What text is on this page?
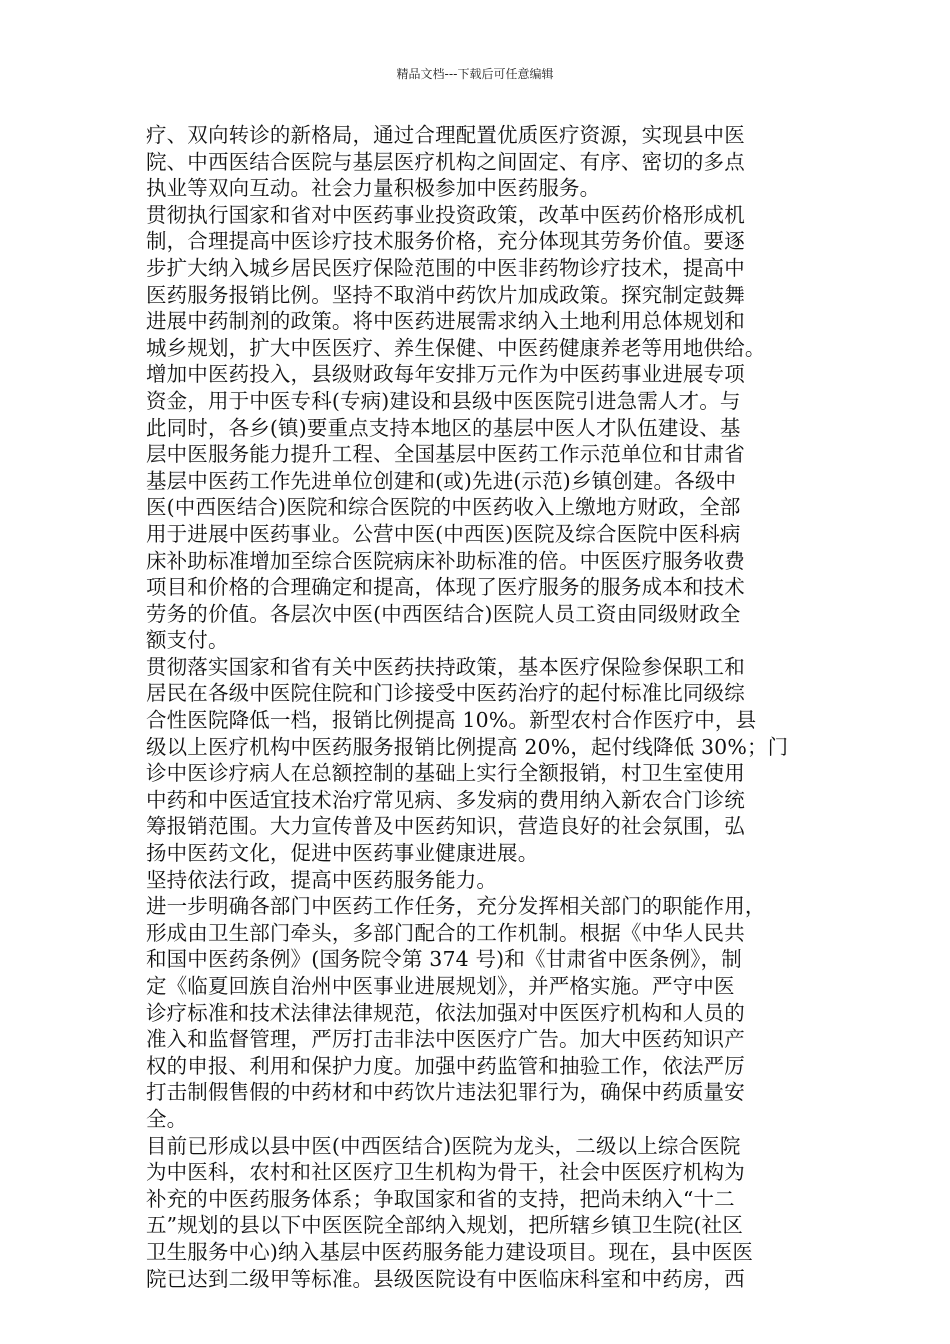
精品文档---下载后可任意编辑
疗、双向转诊的新格局，通过合理配置优质医疗资源，实现县中医
院、中西医结合医院与基层医疗机构之间固定、有序、密切的多点
执业等双向互动。社会力量积极参加中医药服务。
贯彻执行国家和省对中医药事业投资政策，改革中医药价格形成机
制，合理提高中医诊疗技术服务价格，充分体现其劳务价值。要逐
步扩大纳入城乡居民医疗保险范围的中医非药物诊疗技术，提高中
医药服务报销比例。坚持不取消中药饮片加成政策。探究制定鼓舞
进展中药制剂的政策。将中医药进展需求纳入土地利用总体规划和
城乡规划，扩大中医医疗、养生保健、中医药健康养老等用地供给。
增加中医药投入，县级财政每年安排万元作为中医药事业进展专项
资金，用于中医专科(专病)建设和县级中医医院引进急需人才。与
此同时，各乡(镇)要重点支持本地区的基层中医人才队伍建设、基
层中医服务能力提升工程、全国基层中医药工作示范单位和甘肃省
基层中医药工作先进单位创建和(或)先进(示范)乡镇创建。各级中
医(中西医结合)医院和综合医院的中医药收入上缴地方财政，全部
用于进展中医药事业。公营中医(中西医)医院及综合医院中医科病
床补助标准增加至综合医院病床补助标准的倍。中医医疗服务收费
项目和价格的合理确定和提高，体现了医疗服务的服务成本和技术
劳务的价值。各层次中医(中西医结合)医院人员工资由同级财政全
额支付。
贯彻落实国家和省有关中医药扶持政策，基本医疗保险参保职工和
居民在各级中医院住院和门诊接受中医药治疗的起付标准比同级综
合性医院降低一档，报销比例提高 10%。新型农村合作医疗中，县
级以上医疗机构中医药服务报销比例提高 20%，起付线降低 30%；门
诊中医诊疗病人在总额控制的基础上实行全额报销，村卫生室使用
中药和中医适宜技术治疗常见病、多发病的费用纳入新农合门诊统
筹报销范围。大力宣传普及中医药知识，营造良好的社会氛围，弘
扬中医药文化，促进中医药事业健康进展。
坚持依法行政，提高中医药服务能力。
进一步明确各部门中医药工作任务，充分发挥相关部门的职能作用，
形成由卫生部门牵头，多部门配合的工作机制。根据《中华人民共
和国中医药条例》(国务院令第 374 号)和《甘肃省中医条例》，制
定《临夏回族自治州中医事业进展规划》，并严格实施。严守中医
诊疗标准和技术法律法律规范，依法加强对中医医疗机构和人员的
准入和监督管理，严厉打击非法中医医疗广告。加大中医药知识产
权的申报、利用和保护力度。加强中药监管和抽验工作，依法严厉
打击制假售假的中药材和中药饮片违法犯罪行为，确保中药质量安
全。
目前已形成以县中医(中西医结合)医院为龙头，二级以上综合医院
为中医科，农村和社区医疗卫生机构为骨干，社会中医医疗机构为
补充的中医药服务体系；争取国家和省的支持，把尚未纳入“十二
五”规划的县以下中医医院全部纳入规划，把所辖乡镇卫生院(社区
卫生服务中心)纳入基层中医药服务能力建设项目。现在，县中医医
院已达到二级甲等标准。县级医院设有中医临床科室和中药房，西
